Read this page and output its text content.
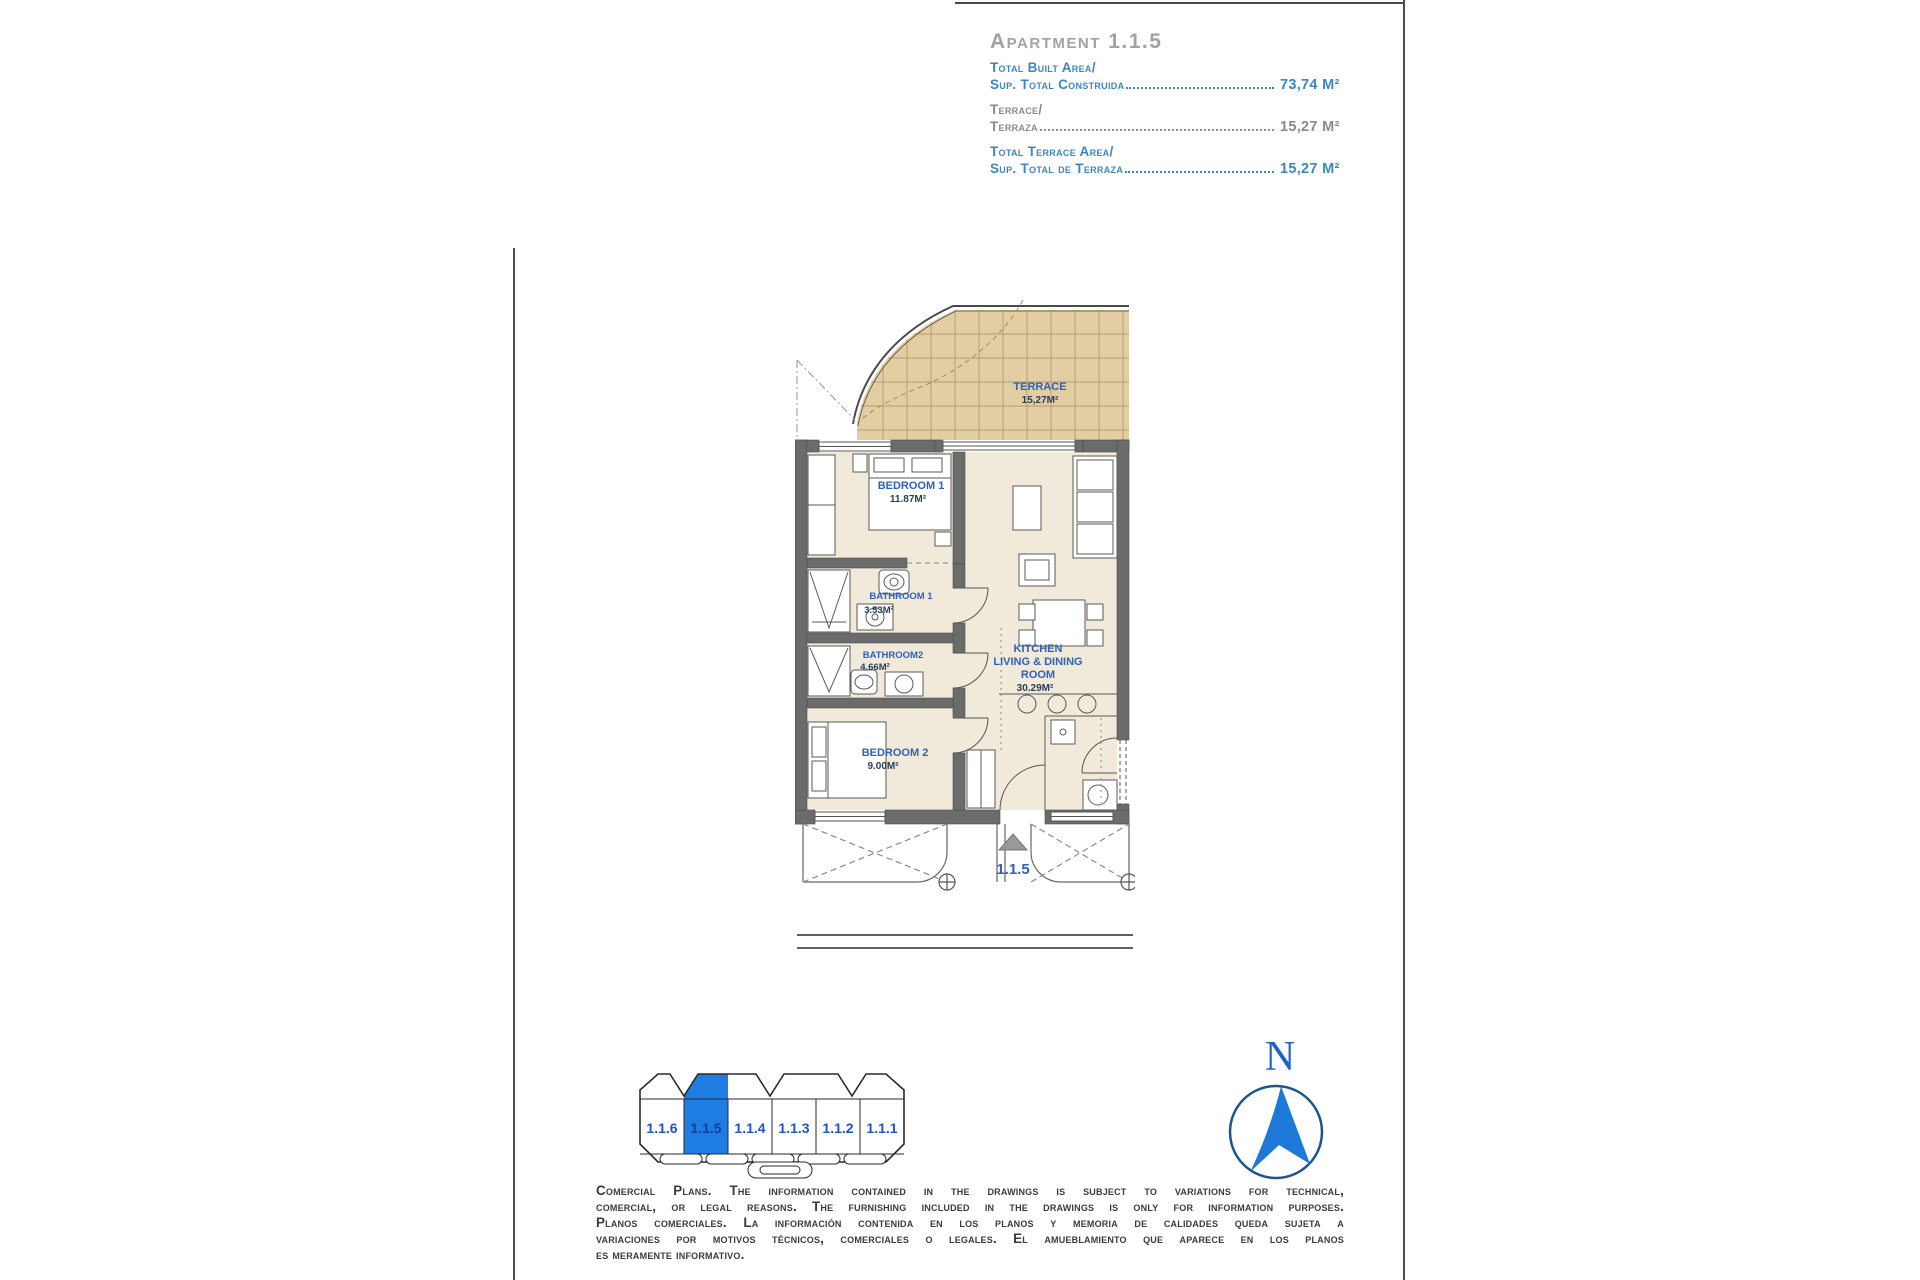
Apartment 1.1.5
Total Built Area/
Sup. Total Construida	73,74 M²
Terrace/
Terraza	15,27 M²
Total Terrace Area/
Sup. Total de Terraza	15,27 M²
1.1.5
TERRACE
15,27M²
BEDROOM 1
11.87M²
BATHROOM 1
3.53M²
BATHROOM2
4.66M²
BEDROOM 2
9.00M²
KITCHEN
LIVING & DINING
ROOM
30.29M²
1.1.6 1.1.5 1.1.4 1.1.3 1.1.2 1.1.1
N
Comercial Plans. The information contained in the drawings is subject to variations for technical,
comercial, or legal reasons. The furnishing included in the drawings is only for information purposes.
Planos comerciales. La información contenida en los planos y memoria de calidades queda sujeta a
variaciones por motivos técnicos, comerciales o legales. El amueblamiento que aparece en los planos
es meramente informativo.
